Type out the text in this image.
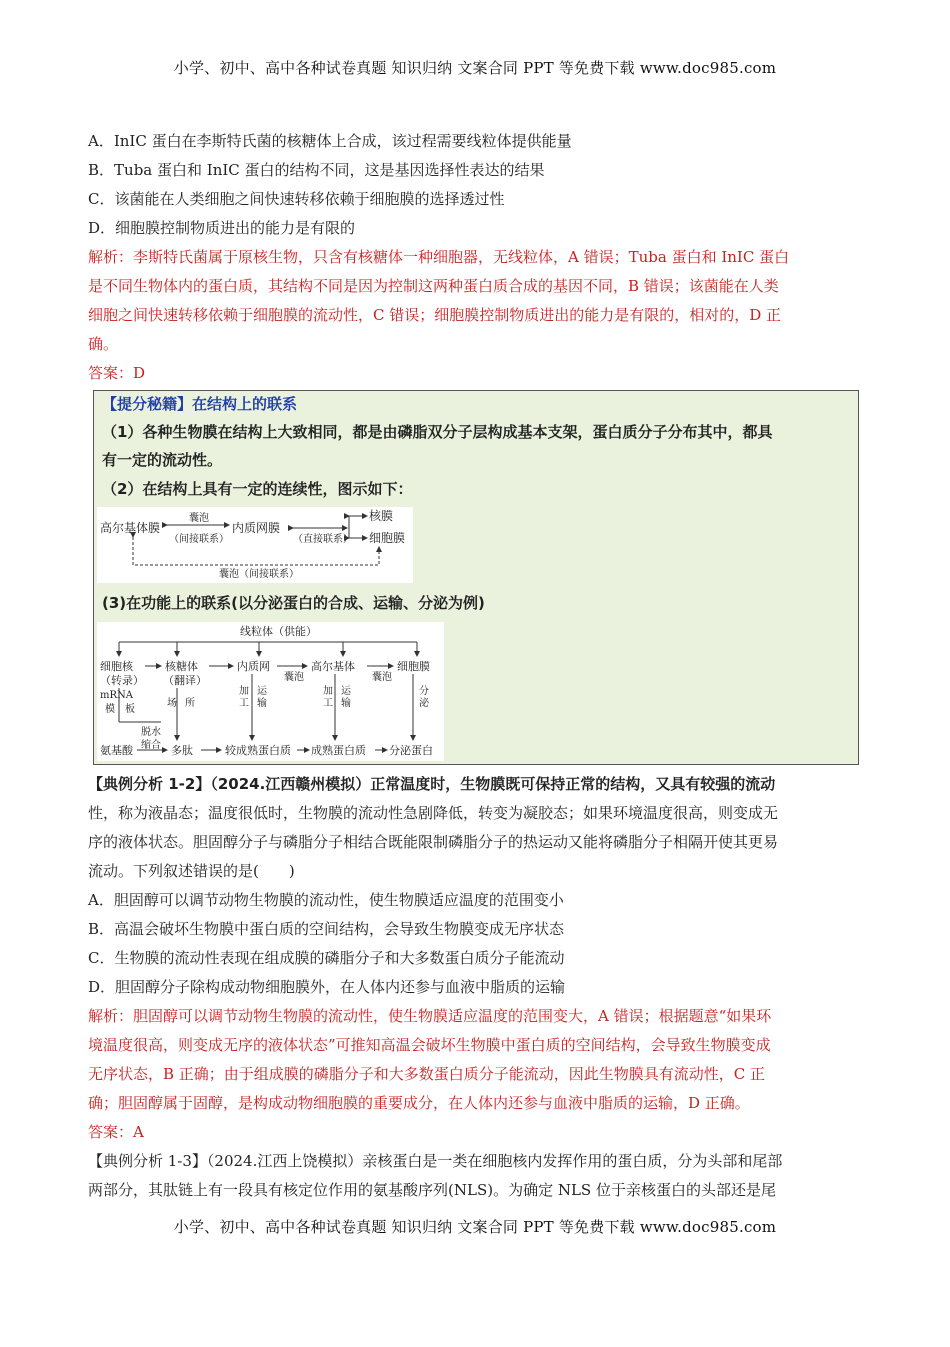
小学、初中、高中各种试卷真题 知识归纳 文案合同 PPT 等免费下载 www.doc985.com
A．InIC 蛋白在李斯特氏菌的核糖体上合成，该过程需要线粒体提供能量
B．Tuba 蛋白和 InIC 蛋白的结构不同，这是基因选择性表达的结果
C．该菌能在人类细胞之间快速转移依赖于细胞膜的选择透过性
D．细胞膜控制物质进出的能力是有限的
解析：李斯特氏菌属于原核生物，只含有核糖体一种细胞器，无线粒体，A 错误；Tuba 蛋白和 InIC 蛋白
是不同生物体内的蛋白质，其结构不同是因为控制这两种蛋白质合成的基因不同，B 错误；该菌能在人类
细胞之间快速转移依赖于细胞膜的流动性，C 错误；细胞膜控制物质进出的能力是有限的，相对的，D 正
确。
答案：D
【提分秘籍】在结构上的联系
（1）各种生物膜在结构上大致相同，都是由磷脂双分子层构成基本支架，蛋白质分子分布其中，都具
有一定的流动性。
（2）在结构上具有一定的连续性，图示如下：
高尔基体膜	内质网膜
核膜
细胞膜
囊泡
（间接联系）	（直接联系）
囊泡（间接联系）
(3)在功能上的联系(以分泌蛋白的合成、运输、分泌为例)
线粒体（供能）
细胞核
（转录）
核糖体
（翻译）
内质网	高尔基体	细胞膜
囊泡	囊泡
mRNA
模 板
场 所
加
工
运
输
加
工
运
输
分
泌
氨基酸
脱水
缩合 多肽	较成熟蛋白质 成熟蛋白质 分泌蛋白
【典例分析 1-2】（2024.江西赣州模拟）正常温度时，生物膜既可保持正常的结构，又具有较强的流动
性，称为液晶态；温度很低时，生物膜的流动性急剧降低，转变为凝胶态；如果环境温度很高，则变成无
序的液体状态。胆固醇分子与磷脂分子相结合既能限制磷脂分子的热运动又能将磷脂分子相隔开使其更易
流动。下列叙述错误的是(　　)
A．胆固醇可以调节动物生物膜的流动性，使生物膜适应温度的范围变小
B．高温会破坏生物膜中蛋白质的空间结构，会导致生物膜变成无序状态
C．生物膜的流动性表现在组成膜的磷脂分子和大多数蛋白质分子能流动
D．胆固醇分子除构成动物细胞膜外，在人体内还参与血液中脂质的运输
解析：胆固醇可以调节动物生物膜的流动性，使生物膜适应温度的范围变大，A 错误；根据题意“如果环
境温度很高，则变成无序的液体状态”可推知高温会破坏生物膜中蛋白质的空间结构，会导致生物膜变成
无序状态，B 正确；由于组成膜的磷脂分子和大多数蛋白质分子能流动，因此生物膜具有流动性，C 正
确；胆固醇属于固醇，是构成动物细胞膜的重要成分，在人体内还参与血液中脂质的运输，D 正确。
答案：A
【典例分析 1-3】（2024.江西上饶模拟）亲核蛋白是一类在细胞核内发挥作用的蛋白质，分为头部和尾部
两部分，其肽链上有一段具有核定位作用的氨基酸序列(NLS)。为确定 NLS 位于亲核蛋白的头部还是尾
小学、初中、高中各种试卷真题 知识归纳 文案合同 PPT 等免费下载 www.doc985.com
